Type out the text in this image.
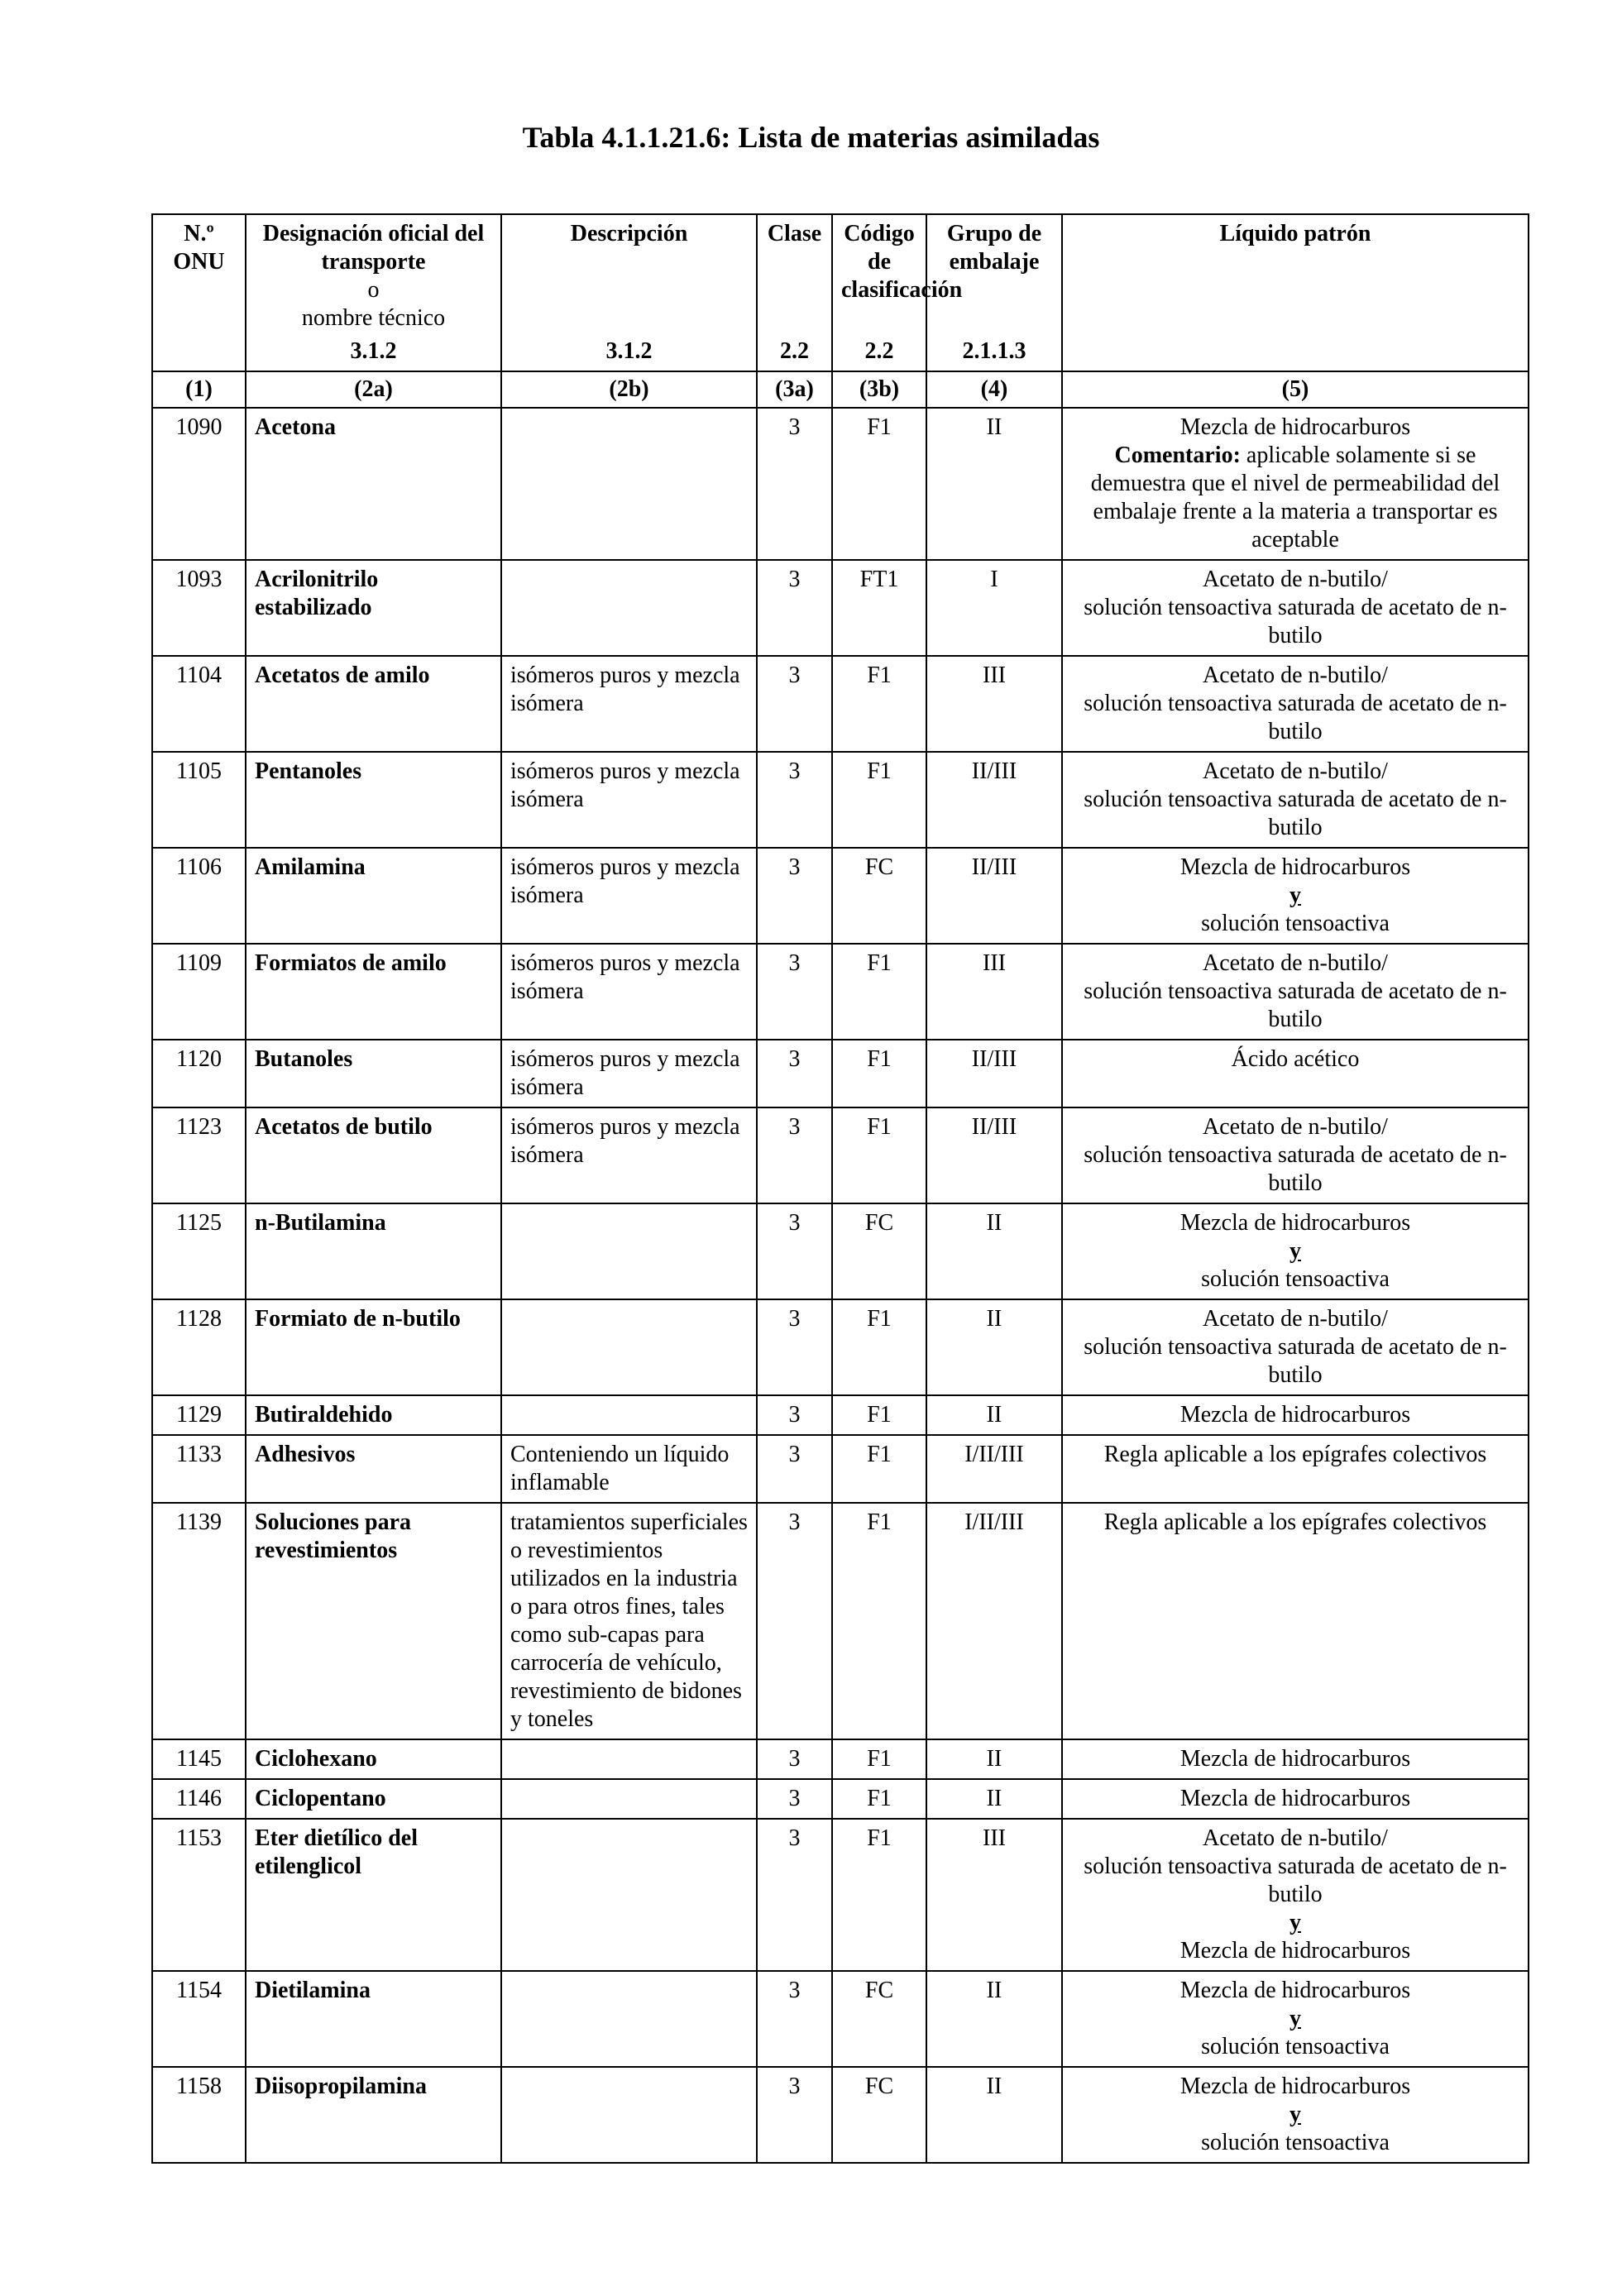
Tabla 4.1.1.21.6: Lista de materias asimiladas
N.º ONU	Designación oficial del transporte
o
nombre técnico	Descripción	Clase	Código de clasificación	Grupo de embalaje	Líquido patrón
	3.1.2	3.1.2	2.2	2.2	2.1.1.3	
(1)	(2a)	(2b)	(3a)	(3b)	(4)	(5)
1090	Acetona		3	F1	II	Mezcla de hidrocarburos
Comentario: aplicable solamente si se demuestra que el nivel de permeabilidad del embalaje frente a la materia a transportar es aceptable

1093	Acrilonitrilo estabilizado		3	FT1	I	Acetato de n-butilo/
solución tensoactiva saturada de acetato de n-butilo

1104	Acetatos de amilo	isómeros puros y mezcla isómera	3	F1	III	Acetato de n-butilo/
solución tensoactiva saturada de acetato de n-butilo

1105	Pentanoles	isómeros puros y mezcla isómera	3	F1	II/III	Acetato de n-butilo/
solución tensoactiva saturada de acetato de n-butilo

1106	Amilamina	isómeros puros y mezcla isómera	3	FC	II/III	Mezcla de hidrocarburos
y
solución tensoactiva

1109	Formiatos de amilo	isómeros puros y mezcla isómera	3	F1	III	Acetato de n-butilo/
solución tensoactiva saturada de acetato de n-butilo

1120	Butanoles	isómeros puros y mezcla isómera	3	F1	II/III	Ácido acético

1123	Acetatos de butilo	isómeros puros y mezcla isómera	3	F1	II/III	Acetato de n-butilo/
solución tensoactiva saturada de acetato de n-butilo

1125	n-Butilamina		3	FC	II	Mezcla de hidrocarburos
y
solución tensoactiva

1128	Formiato de n-butilo		3	F1	II	Acetato de n-butilo/
solución tensoactiva saturada de acetato de n-butilo

1129	Butiraldehido		3	F1	II	Mezcla de hidrocarburos

1133	Adhesivos	Conteniendo un líquido inflamable	3	F1	I/II/III	Regla aplicable a los epígrafes colectivos

1139	Soluciones para revestimientos	tratamientos superficiales o revestimientos utilizados en la industria o para otros fines, tales como sub-capas para carrocería de vehículo, revestimiento de bidones y toneles	3	F1	I/II/III	Regla aplicable a los epígrafes colectivos

1145	Ciclohexano		3	F1	II	Mezcla de hidrocarburos

1146	Ciclopentano		3	F1	II	Mezcla de hidrocarburos

1153	Eter dietílico del etilenglicol		3	F1	III	Acetato de n-butilo/
solución tensoactiva saturada de acetato de n-butilo
y
Mezcla de hidrocarburos

1154	Dietilamina		3	FC	II	Mezcla de hidrocarburos
y
solución tensoactiva

1158	Diisopropilamina		3	FC	II	Mezcla de hidrocarburos
y
solución tensoactiva
